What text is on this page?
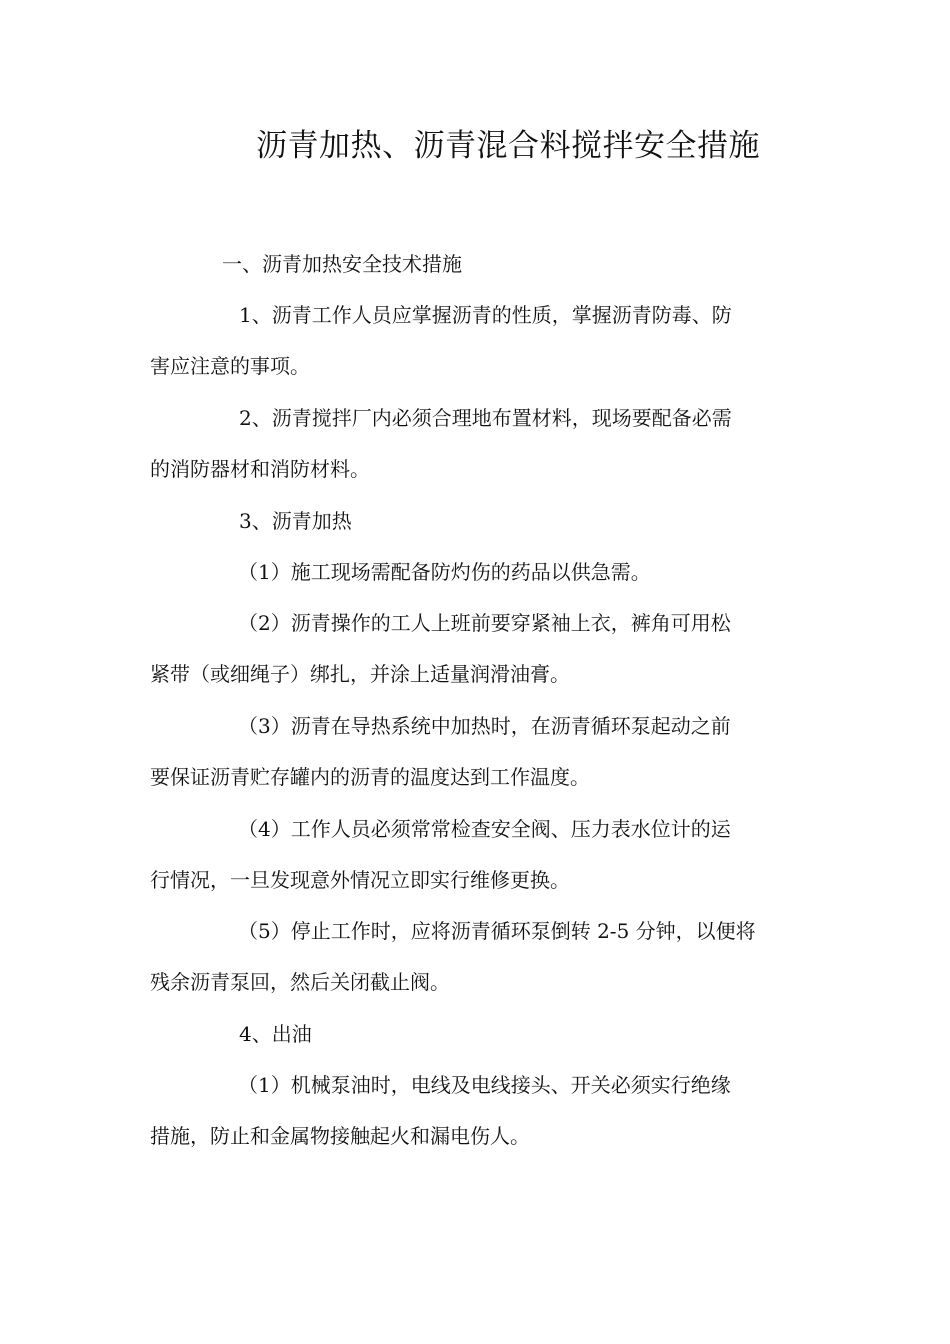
沥青加热、沥青混合料搅拌安全措施
一、沥青加热安全技术措施
1、沥青工作人员应掌握沥青的性质，掌握沥青防毒、防
害应注意的事项。
2、沥青搅拌厂内必须合理地布置材料，现场要配备必需
的消防器材和消防材料。
3、沥青加热
（1）施工现场需配备防灼伤的药品以供急需。
（2）沥青操作的工人上班前要穿紧袖上衣，裤角可用松
紧带（或细绳子）绑扎，并涂上适量润滑油膏。
（3）沥青在导热系统中加热时，在沥青循环泵起动之前
要保证沥青贮存罐内的沥青的温度达到工作温度。
（4）工作人员必须常常检查安全阀、压力表水位计的运
行情况，一旦发现意外情况立即实行维修更换。
（5）停止工作时，应将沥青循环泵倒转 2-5 分钟，以便将
残余沥青泵回，然后关闭截止阀。
4、出油
（1）机械泵油时，电线及电线接头、开关必须实行绝缘
措施，防止和金属物接触起火和漏电伤人。
